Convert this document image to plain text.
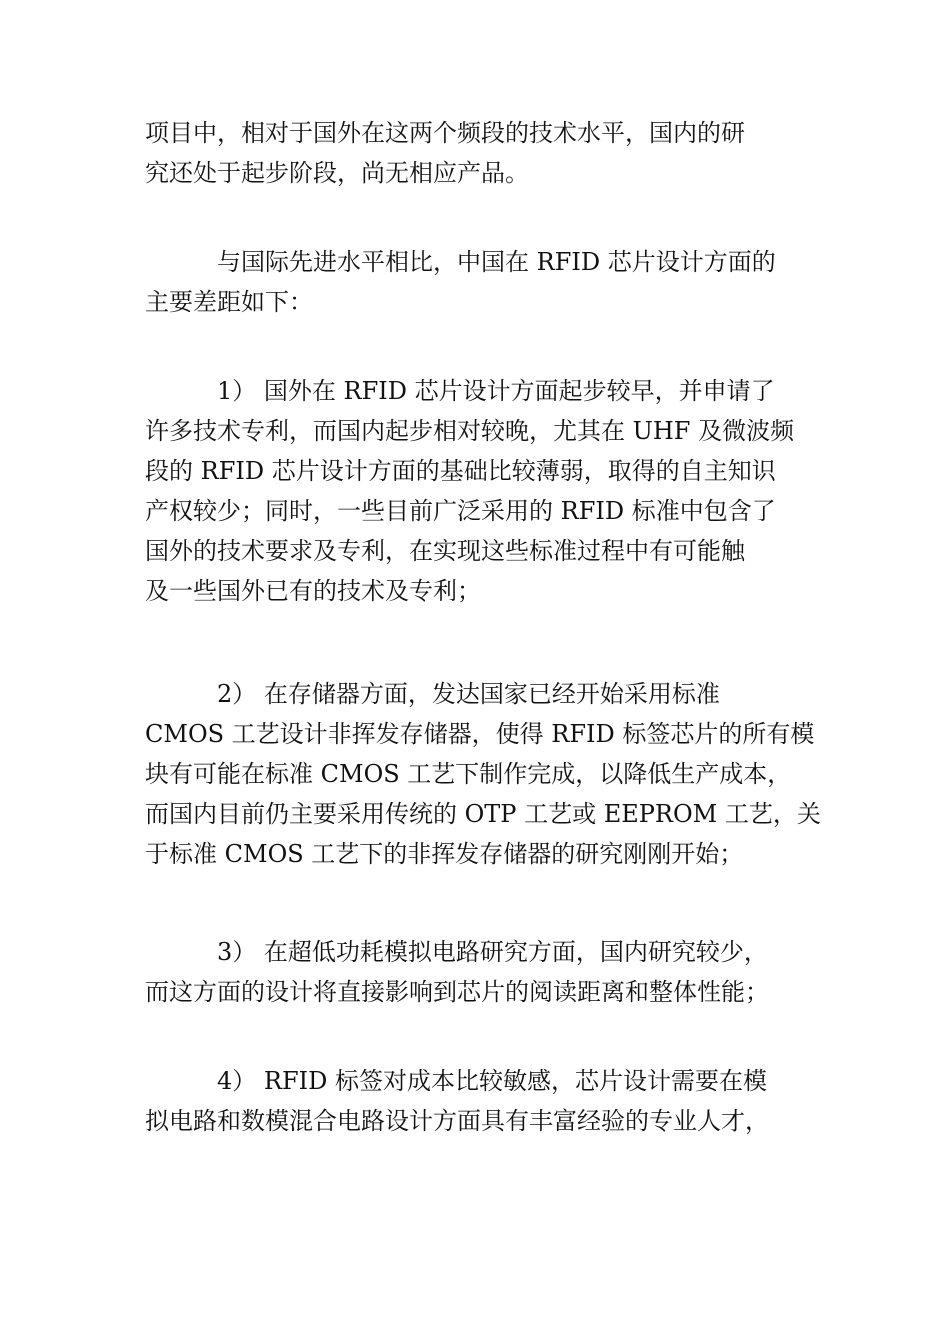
项目中，相对于国外在这两个频段的技术水平，国内的研
究还处于起步阶段，尚无相应产品。
　　　与国际先进水平相比，中国在 RFID 芯片设计方面的
主要差距如下：
　　　1） 国外在 RFID 芯片设计方面起步较早，并申请了
许多技术专利，而国内起步相对较晚，尤其在 UHF 及微波频
段的 RFID 芯片设计方面的基础比较薄弱，取得的自主知识
产权较少；同时，一些目前广泛采用的 RFID 标准中包含了
国外的技术要求及专利，在实现这些标准过程中有可能触
及一些国外已有的技术及专利；
　　　2） 在存储器方面，发达国家已经开始采用标准
CMOS 工艺设计非挥发存储器，使得 RFID 标签芯片的所有模
块有可能在标准 CMOS 工艺下制作完成，以降低生产成本，
而国内目前仍主要采用传统的 OTP 工艺或 EEPROM 工艺，关
于标准 CMOS 工艺下的非挥发存储器的研究刚刚开始；
　　　3） 在超低功耗模拟电路研究方面，国内研究较少，
而这方面的设计将直接影响到芯片的阅读距离和整体性能；
　　　4） RFID 标签对成本比较敏感，芯片设计需要在模
拟电路和数模混合电路设计方面具有丰富经验的专业人才，
